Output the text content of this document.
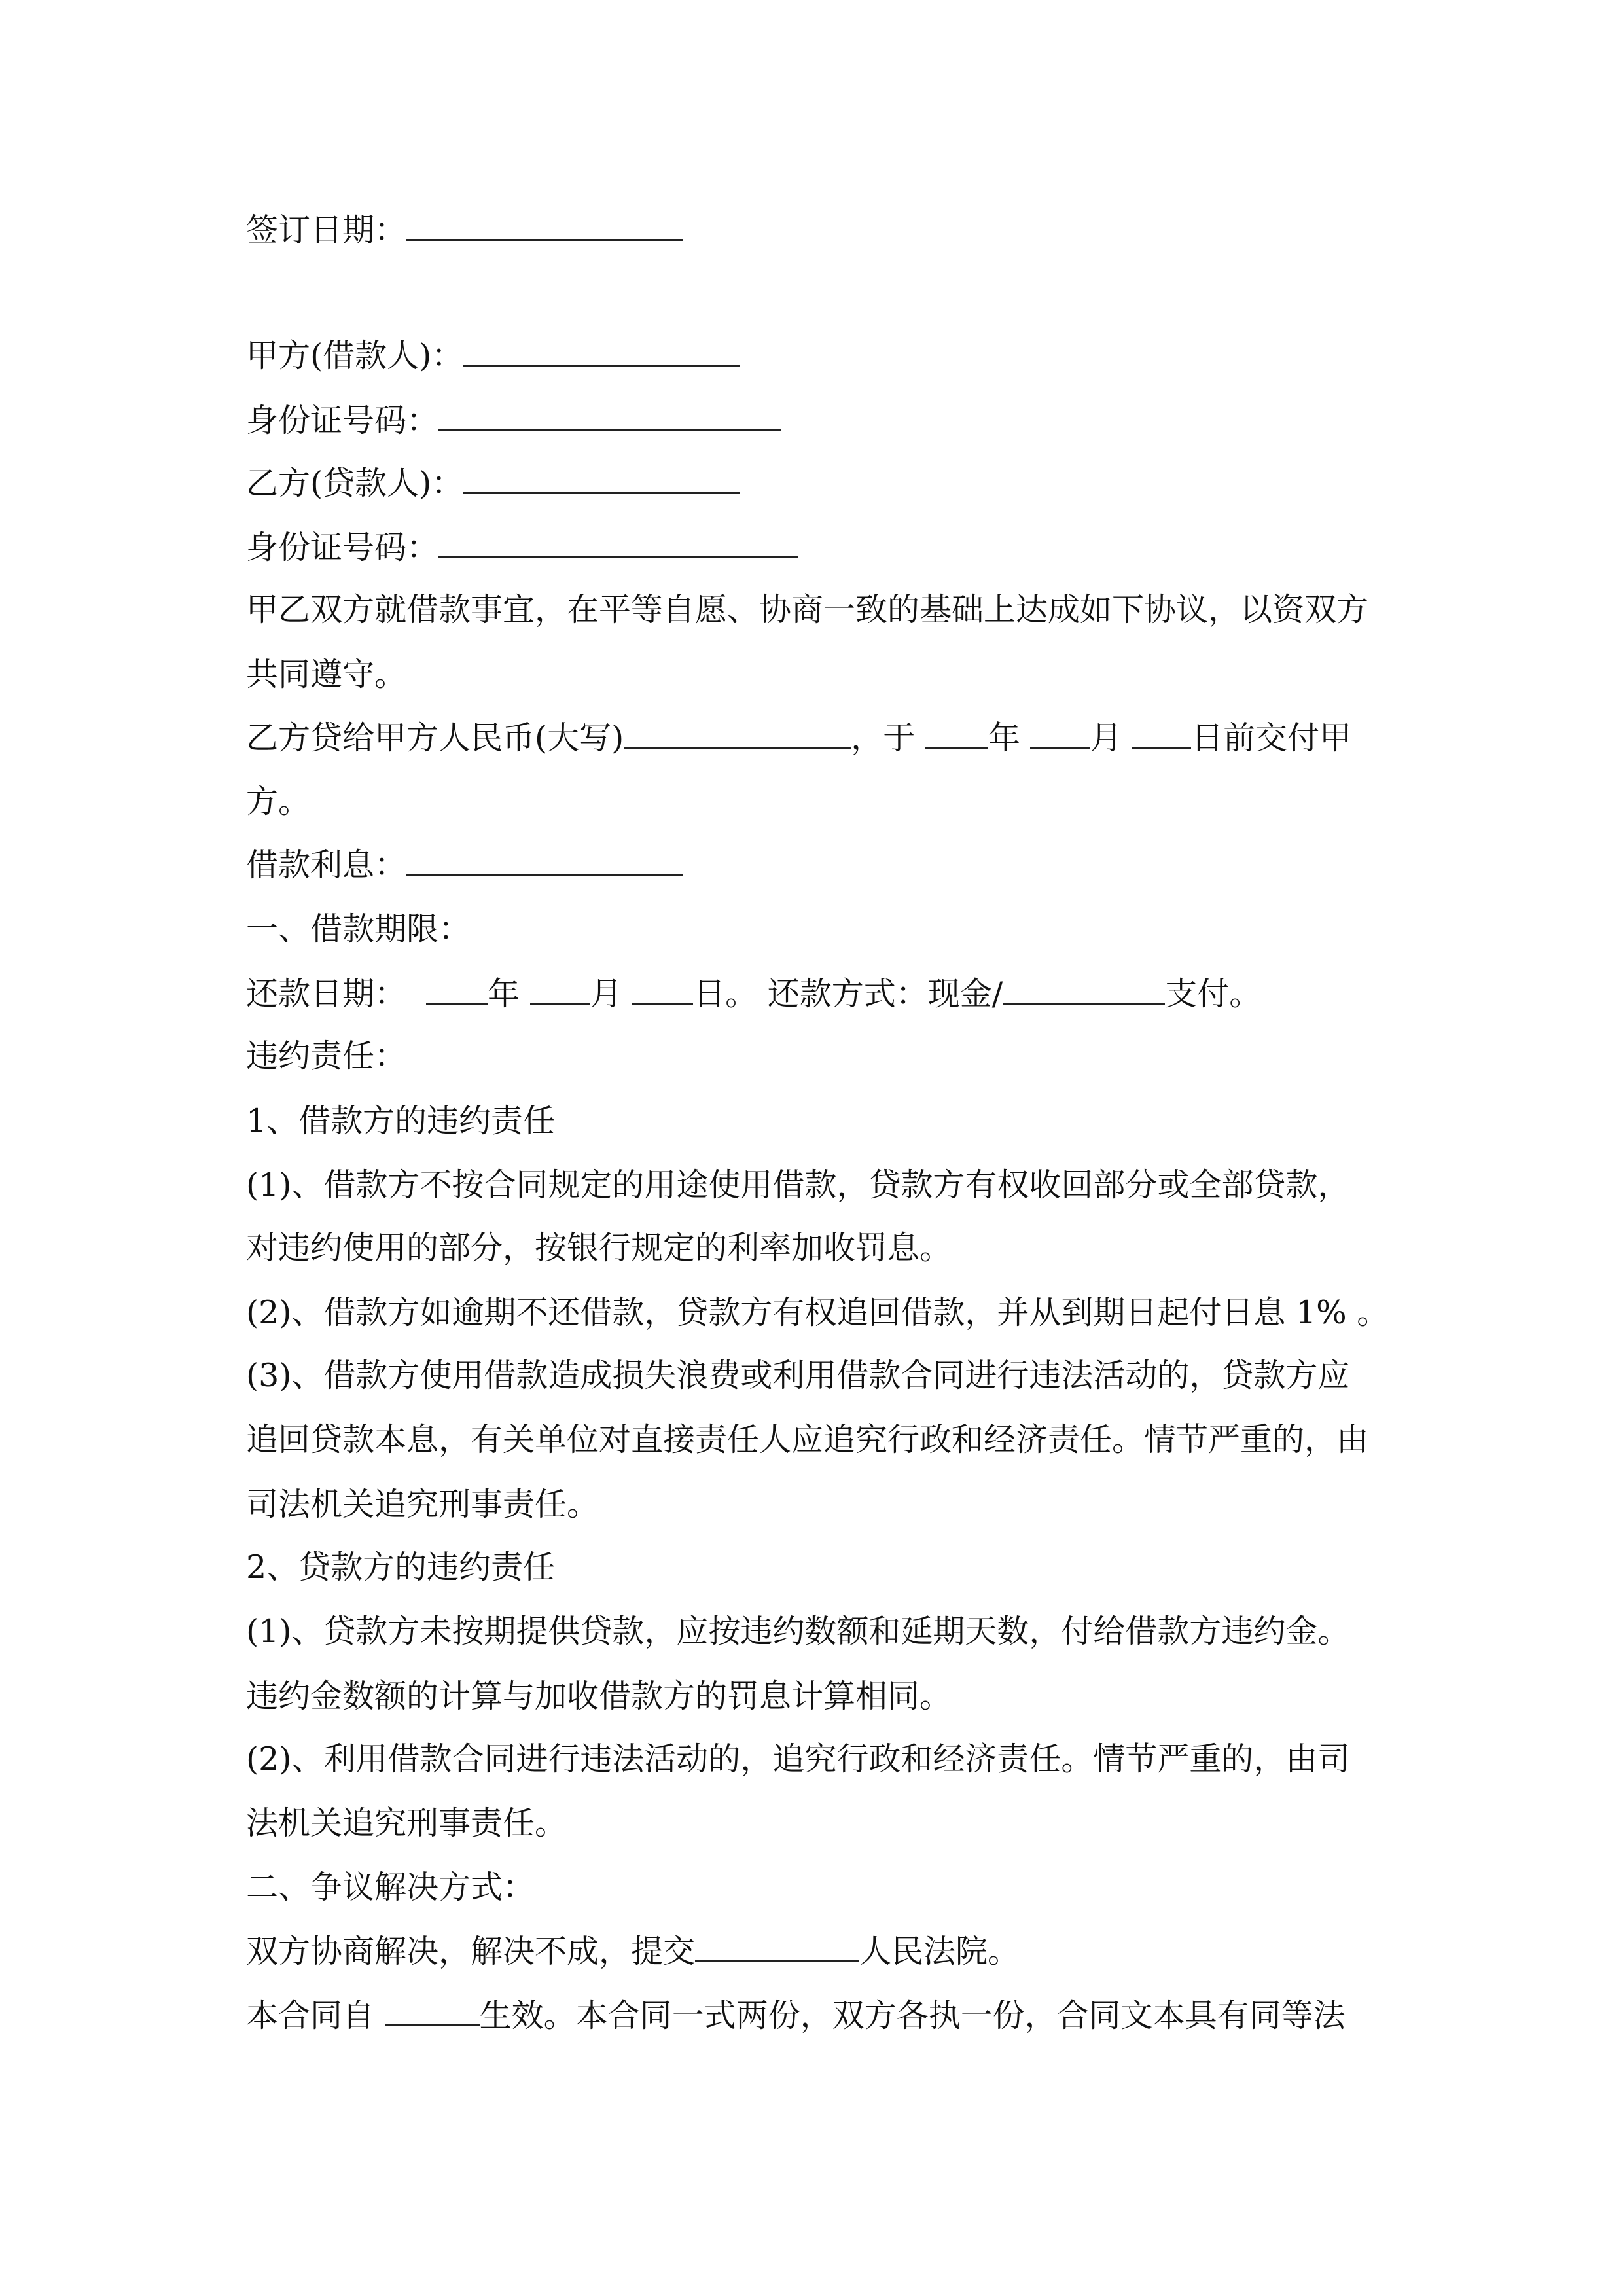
签订日期：
甲方(借款人)：
身份证号码：
乙方(贷款人)：
身份证号码：
甲乙双方就借款事宜，在平等自愿、协商一致的基础上达成如下协议，以资双方
共同遵守。
乙方贷给甲方人民币(大写)	，于 年 月 日前交付甲
方。
借款利息：
一、借款期限：
还款日期：	年 月 日。 还款方式：现金/	支付。
违约责任：
1、借款方的违约责任
(1)、借款方不按合同规定的用途使用借款，贷款方有权收回部分或全部贷款，
对违约使用的部分，按银行规定的利率加收罚息。
(2)、借款方如逾期不还借款，贷款方有权追回借款，并从到期日起付日息 1% 。
(3)、借款方使用借款造成损失浪费或利用借款合同进行违法活动的，贷款方应
追回贷款本息，有关单位对直接责任人应追究行政和经济责任。情节严重的，由
司法机关追究刑事责任。
2、贷款方的违约责任
(1)、贷款方未按期提供贷款，应按违约数额和延期天数，付给借款方违约金。
违约金数额的计算与加收借款方的罚息计算相同。
(2)、利用借款合同进行违法活动的，追究行政和经济责任。情节严重的，由司
法机关追究刑事责任。
二、争议解决方式：
双方协商解决，解决不成，提交	人民法院。
本合同自	生效。本合同一式两份，双方各执一份，合同文本具有同等法
